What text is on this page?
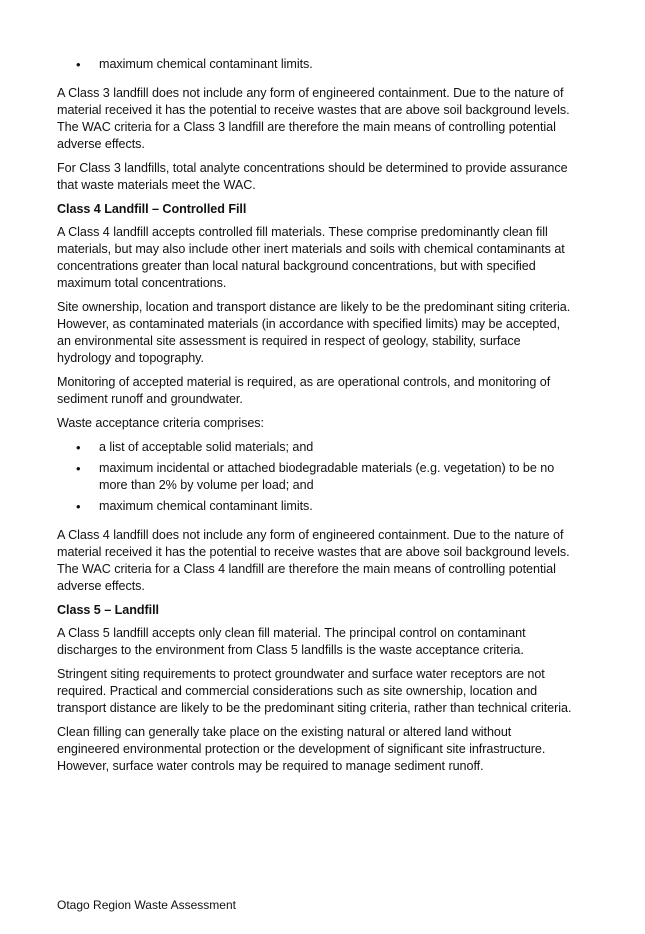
• maximum chemical contaminant limits.

A Class 3 landfill does not include any form of engineered containment. Due to the nature of material received it has the potential to receive wastes that are above soil background levels. The WAC criteria for a Class 3 landfill are therefore the main means of controlling potential adverse effects.

For Class 3 landfills, total analyte concentrations should be determined to provide assurance that waste materials meet the WAC.

Class 4 Landfill – Controlled Fill

A Class 4 landfill accepts controlled fill materials. These comprise predominantly clean fill materials, but may also include other inert materials and soils with chemical contaminants at concentrations greater than local natural background concentrations, but with specified maximum total concentrations.

Site ownership, location and transport distance are likely to be the predominant siting criteria. However, as contaminated materials (in accordance with specified limits) may be accepted, an environmental site assessment is required in respect of geology, stability, surface hydrology and topography.

Monitoring of accepted material is required, as are operational controls, and monitoring of sediment runoff and groundwater.

Waste acceptance criteria comprises:

• a list of acceptable solid materials; and
• maximum incidental or attached biodegradable materials (e.g. vegetation) to be no more than 2% by volume per load; and
• maximum chemical contaminant limits.

A Class 4 landfill does not include any form of engineered containment. Due to the nature of material received it has the potential to receive wastes that are above soil background levels. The WAC criteria for a Class 4 landfill are therefore the main means of controlling potential adverse effects.

Class 5 – Landfill

A Class 5 landfill accepts only clean fill material. The principal control on contaminant discharges to the environment from Class 5 landfills is the waste acceptance criteria.

Stringent siting requirements to protect groundwater and surface water receptors are not required. Practical and commercial considerations such as site ownership, location and transport distance are likely to be the predominant siting criteria, rather than technical criteria.

Clean filling can generally take place on the existing natural or altered land without engineered environmental protection or the development of significant site infrastructure. However, surface water controls may be required to manage sediment runoff.

Otago Region Waste Assessment
